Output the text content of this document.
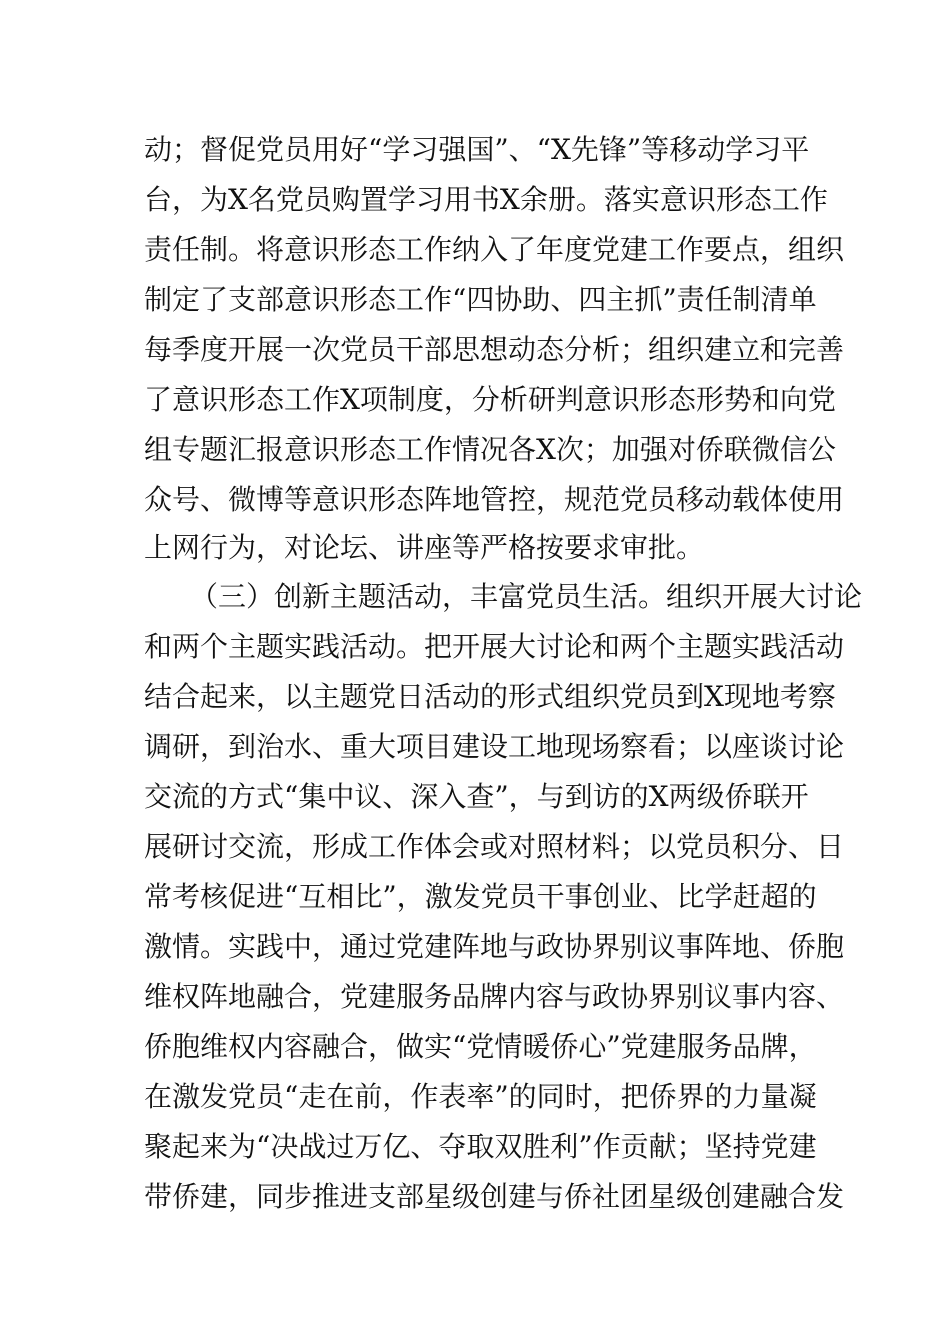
动；督促党员用好“学习强国”、“X先锋”等移动学习平
台，为X名党员购置学习用书X余册。落实意识形态工作
责任制。将意识形态工作纳入了年度党建工作要点，组织
制定了支部意识形态工作“四协助、四主抓”责任制清单
每季度开展一次党员干部思想动态分析；组织建立和完善
了意识形态工作X项制度，分析研判意识形态形势和向党
组专题汇报意识形态工作情况各X次；加强对侨联微信公
众号、微博等意识形态阵地管控，规范党员移动载体使用
上网行为，对论坛、讲座等严格按要求审批。
（三）创新主题活动，丰富党员生活。组织开展大讨论
和两个主题实践活动。把开展大讨论和两个主题实践活动
结合起来，以主题党日活动的形式组织党员到X现地考察
调研，到治水、重大项目建设工地现场察看；以座谈讨论
交流的方式“集中议、深入查”，与到访的X两级侨联开
展研讨交流，形成工作体会或对照材料；以党员积分、日
常考核促进“互相比”，激发党员干事创业、比学赶超的
激情。实践中，通过党建阵地与政协界别议事阵地、侨胞
维权阵地融合，党建服务品牌内容与政协界别议事内容、
侨胞维权内容融合，做实“党情暖侨心”党建服务品牌，
在激发党员“走在前，作表率”的同时，把侨界的力量凝
聚起来为“决战过万亿、夺取双胜利”作贡献；坚持党建
带侨建，同步推进支部星级创建与侨社团星级创建融合发
